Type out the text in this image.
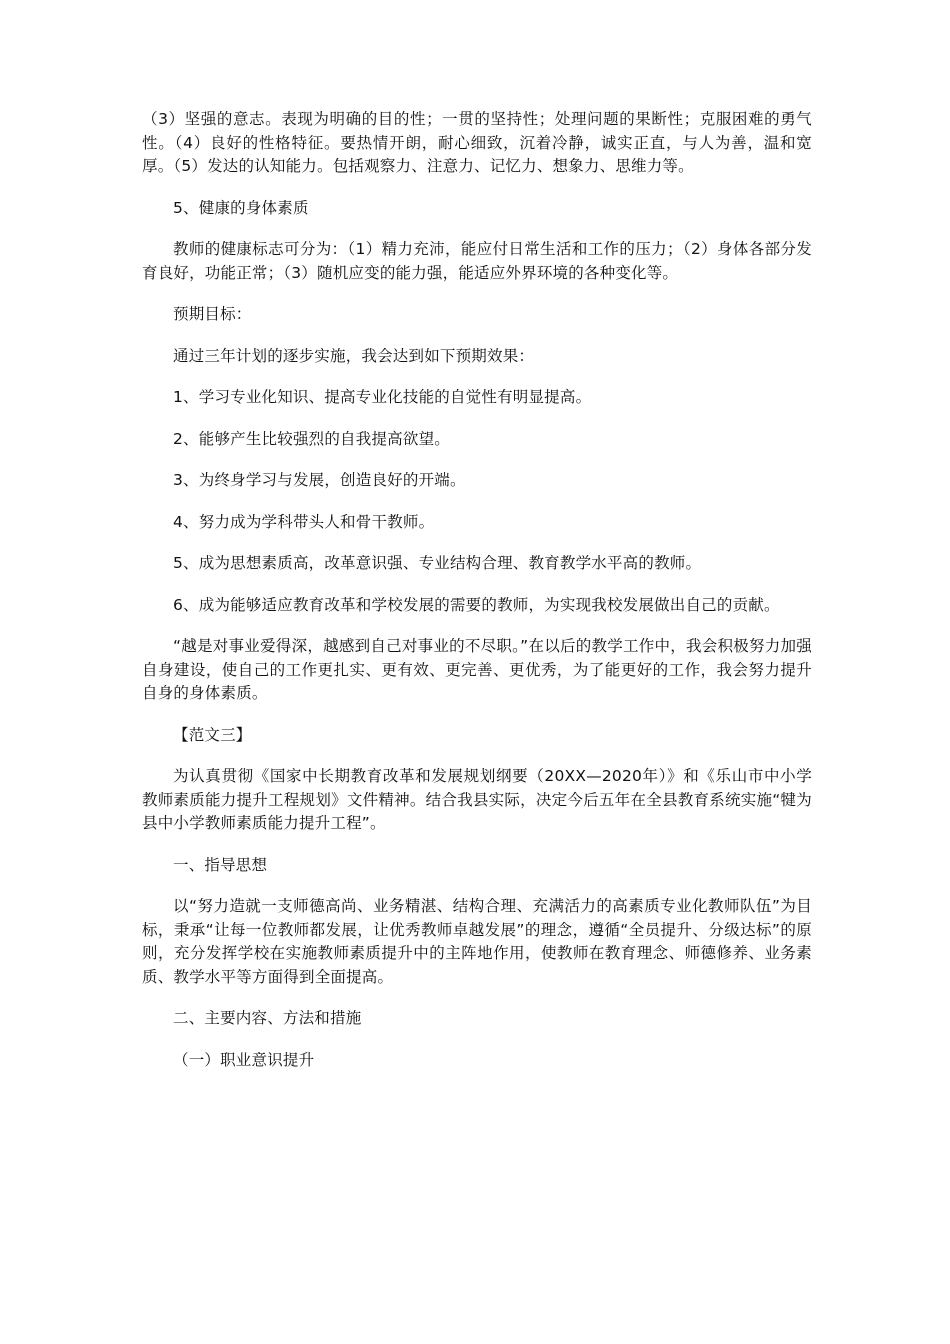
（3）坚强的意志。表现为明确的目的性；一贯的坚持性；处理问题的果断性；克服困难的勇气性。（4）良好的性格特征。要热情开朗，耐心细致，沉着冷静，诚实正直，与人为善，温和宽厚。（5）发达的认知能力。包括观察力、注意力、记忆力、想象力、思维力等。

5、健康的身体素质

教师的健康标志可分为：（1）精力充沛，能应付日常生活和工作的压力；（2）身体各部分发育良好，功能正常；（3）随机应变的能力强，能适应外界环境的各种变化等。

预期目标：

通过三年计划的逐步实施，我会达到如下预期效果：

1、学习专业化知识、提高专业化技能的自觉性有明显提高。

2、能够产生比较强烈的自我提高欲望。

3、为终身学习与发展，创造良好的开端。

4、努力成为学科带头人和骨干教师。

5、成为思想素质高，改革意识强、专业结构合理、教育教学水平高的教师。

6、成为能够适应教育改革和学校发展的需要的教师，为实现我校发展做出自己的贡献。

“越是对事业爱得深，越感到自己对事业的不尽职。”在以后的教学工作中，我会积极努力加强自身建设，使自己的工作更扎实、更有效、更完善、更优秀，为了能更好的工作，我会努力提升自身的身体素质。

【范文三】

为认真贯彻《国家中长期教育改革和发展规划纲要（20XX—2020年）》和《乐山市中小学教师素质能力提升工程规划》文件精神。结合我县实际，决定今后五年在全县教育系统实施“犍为县中小学教师素质能力提升工程”。

一、指导思想

以“努力造就一支师德高尚、业务精湛、结构合理、充满活力的高素质专业化教师队伍”为目标，秉承“让每一位教师都发展，让优秀教师卓越发展”的理念，遵循“全员提升、分级达标”的原则，充分发挥学校在实施教师素质提升中的主阵地作用，使教师在教育理念、师德修养、业务素质、教学水平等方面得到全面提高。

二、主要内容、方法和措施

（一）职业意识提升
